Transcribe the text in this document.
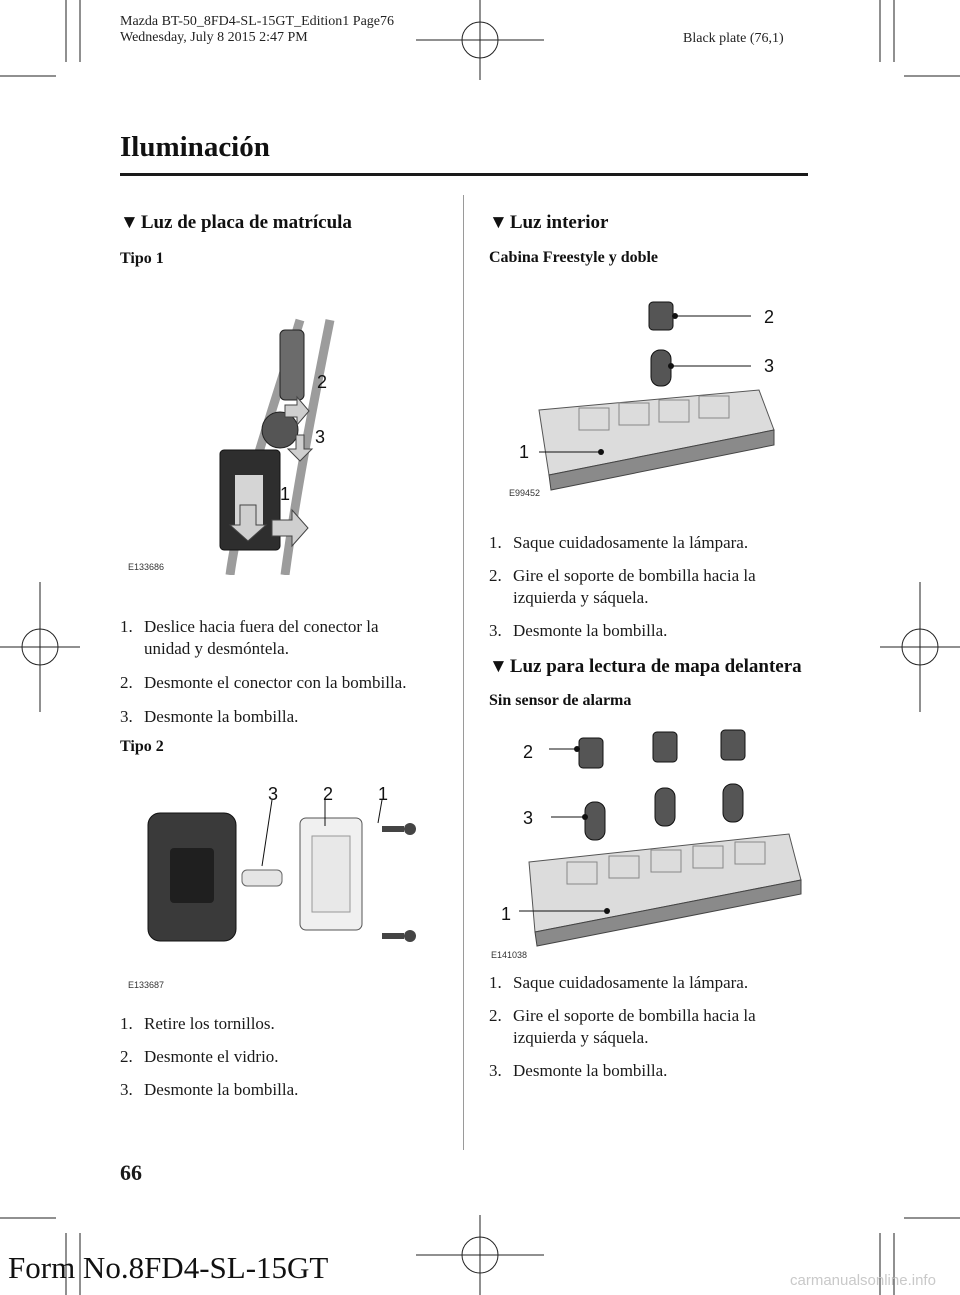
Mazda BT-50_8FD4-SL-15GT_Edition1 Page76
Wednesday, July 8 2015 2:47 PM	Black plate (76,1)
Iluminación
▼ Luz de placa de matrícula
Tipo 1
2
3
1
E133686
1. Deslice hacia fuera del conector la
unidad y desmóntela.
2. Desmonte el conector con la bombilla.
3. Desmonte la bombilla.
Tipo 2
3 2 1
E133687
1. Retire los tornillos.
2. Desmonte el vidrio.
3. Desmonte la bombilla.
▼ Luz interior
Cabina Freestyle y doble
2
3
1
E99452
1. Saque cuidadosamente la lámpara.
2. Gire el soporte de bombilla hacia la
izquierda y sáquela.
3. Desmonte la bombilla.
▼ Luz para lectura de mapa delantera
Sin sensor de alarma
2
3
1
E141038
1. Saque cuidadosamente la lámpara.
2. Gire el soporte de bombilla hacia la
izquierda y sáquela.
3. Desmonte la bombilla.
66
Form No.8FD4-SL-15GT	carmanualsonline.info
